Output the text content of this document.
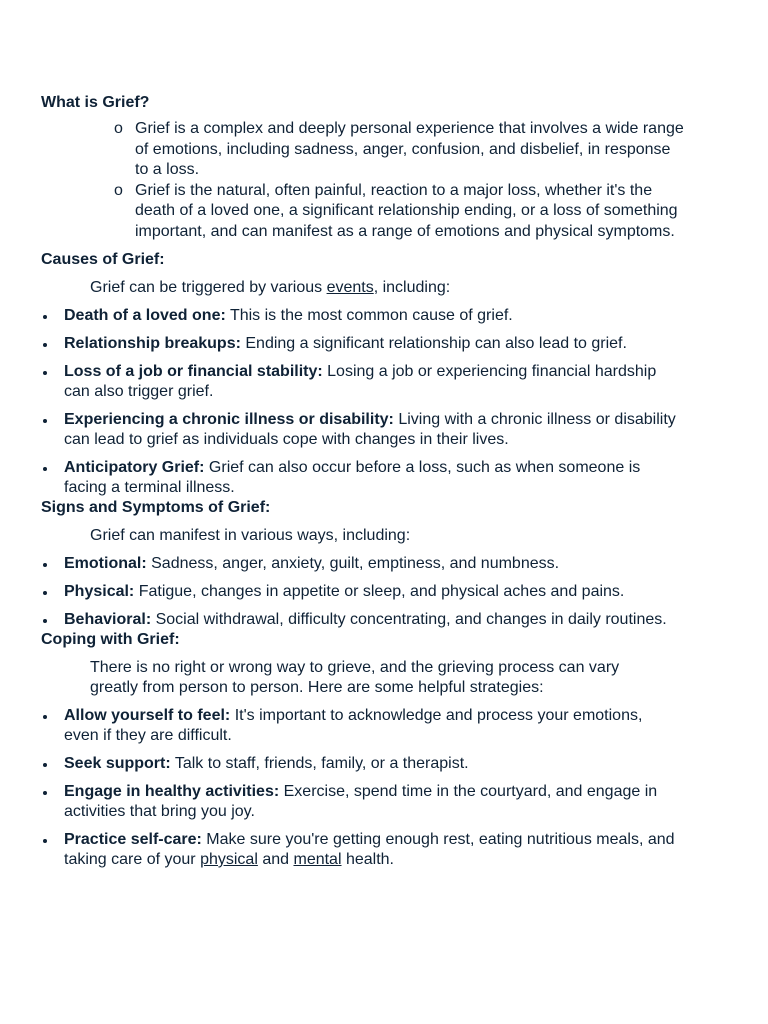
What is Grief?

o Grief is a complex and deeply personal experience that involves a wide range of emotions, including sadness, anger, confusion, and disbelief, in response to a loss.
o Grief is the natural, often painful, reaction to a major loss, whether it's the death of a loved one, a significant relationship ending, or a loss of something important, and can manifest as a range of emotions and physical symptoms.

Causes of Grief:

Grief can be triggered by various events, including:

Death of a loved one: This is the most common cause of grief.
Relationship breakups: Ending a significant relationship can also lead to grief.
Loss of a job or financial stability: Losing a job or experiencing financial hardship can also trigger grief.
Experiencing a chronic illness or disability: Living with a chronic illness or disability can lead to grief as individuals cope with changes in their lives.
Anticipatory Grief: Grief can also occur before a loss, such as when someone is facing a terminal illness.

Signs and Symptoms of Grief:

Grief can manifest in various ways, including:

Emotional: Sadness, anger, anxiety, guilt, emptiness, and numbness.
Physical: Fatigue, changes in appetite or sleep, and physical aches and pains.
Behavioral: Social withdrawal, difficulty concentrating, and changes in daily routines.

Coping with Grief:

There is no right or wrong way to grieve, and the grieving process can vary greatly from person to person. Here are some helpful strategies:

Allow yourself to feel: It's important to acknowledge and process your emotions, even if they are difficult.
Seek support: Talk to staff, friends, family, or a therapist.
Engage in healthy activities: Exercise, spend time in the courtyard, and engage in activities that bring you joy.
Practice self-care: Make sure you're getting enough rest, eating nutritious meals, and taking care of your physical and mental health.
